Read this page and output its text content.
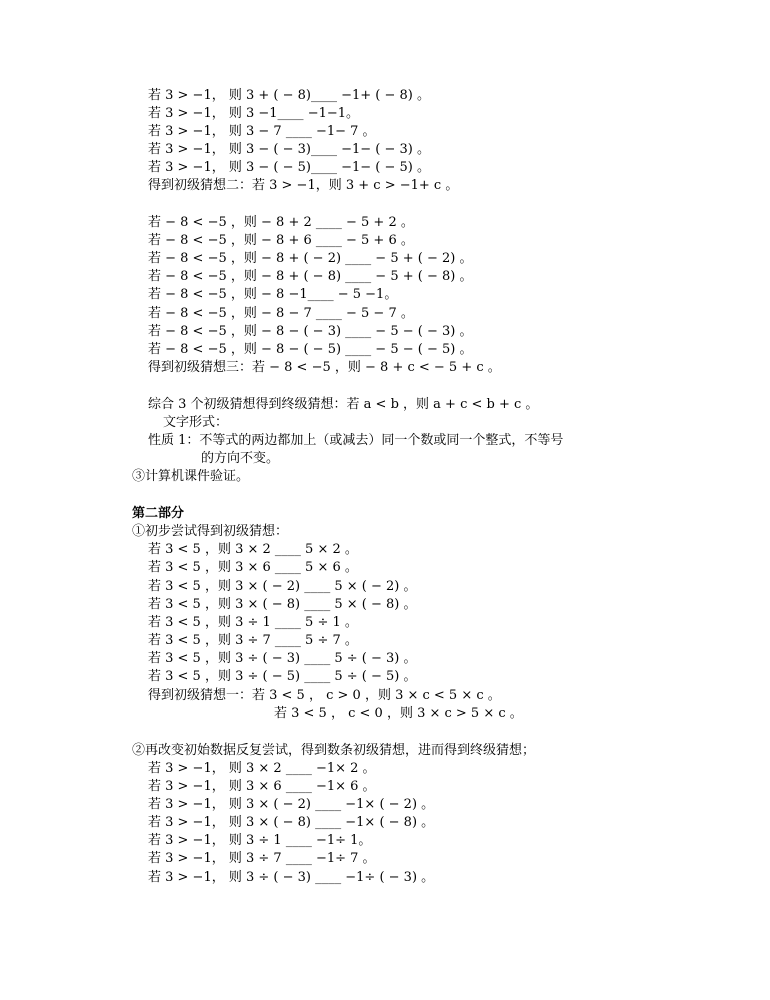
若 3 > −1， 则 3 + ( − 8)____ −1+ ( − 8) 。
若 3 > −1， 则 3 −1____ −1−1。
若 3 > −1， 则 3 − 7 ____ −1− 7 。
若 3 > −1， 则 3 − ( − 3)____ −1− ( − 3) 。
若 3 > −1， 则 3 − ( − 5)____ −1− ( − 5) 。
得到初级猜想二：若 3 > −1，则 3 + c > −1+ c 。
若 − 8 < −5 ，则 − 8 + 2 ____ − 5 + 2 。
若 − 8 < −5 ，则 − 8 + 6 ____ − 5 + 6 。
若 − 8 < −5 ，则 − 8 + ( − 2) ____ − 5 + ( − 2) 。
若 − 8 < −5 ，则 − 8 + ( − 8) ____ − 5 + ( − 8) 。
若 − 8 < −5 ，则 − 8 −1____ − 5 −1。
若 − 8 < −5 ，则 − 8 − 7 ____ − 5 − 7 。
若 − 8 < −5 ，则 − 8 − ( − 3) ____ − 5 − ( − 3) 。
若 − 8 < −5 ，则 − 8 − ( − 5) ____ − 5 − ( − 5) 。
得到初级猜想三：若 − 8 < −5 ，则 − 8 + c < − 5 + c 。
综合 3 个初级猜想得到终级猜想：若 a < b ，则 a + c < b + c 。
文字形式：
性质 1：不等式的两边都加上（或减去）同一个数或同一个整式，不等号
的方向不变。
③计算机课件验证。
第二部分
①初步尝试得到初级猜想：
若 3 < 5 ，则 3 × 2 ____ 5 × 2 。
若 3 < 5 ，则 3 × 6 ____ 5 × 6 。
若 3 < 5 ，则 3 × ( − 2) ____ 5 × ( − 2) 。
若 3 < 5 ，则 3 × ( − 8) ____ 5 × ( − 8) 。
若 3 < 5 ，则 3 ÷ 1 ____ 5 ÷ 1 。
若 3 < 5 ，则 3 ÷ 7 ____ 5 ÷ 7 。
若 3 < 5 ，则 3 ÷ ( − 3) ____ 5 ÷ ( − 3) 。
若 3 < 5 ，则 3 ÷ ( − 5) ____ 5 ÷ ( − 5) 。
得到初级猜想一：若 3 < 5 ， c > 0 ，则 3 × c < 5 × c 。
若 3 < 5 ， c < 0 ，则 3 × c > 5 × c 。
②再改变初始数据反复尝试，得到数条初级猜想，进而得到终级猜想；
若 3 > −1， 则 3 × 2 ____ −1× 2 。
若 3 > −1， 则 3 × 6 ____ −1× 6 。
若 3 > −1， 则 3 × ( − 2) ____ −1× ( − 2) 。
若 3 > −1， 则 3 × ( − 8) ____ −1× ( − 8) 。
若 3 > −1， 则 3 ÷ 1 ____ −1÷ 1。
若 3 > −1， 则 3 ÷ 7 ____ −1÷ 7 。
若 3 > −1， 则 3 ÷ ( − 3) ____ −1÷ ( − 3) 。
